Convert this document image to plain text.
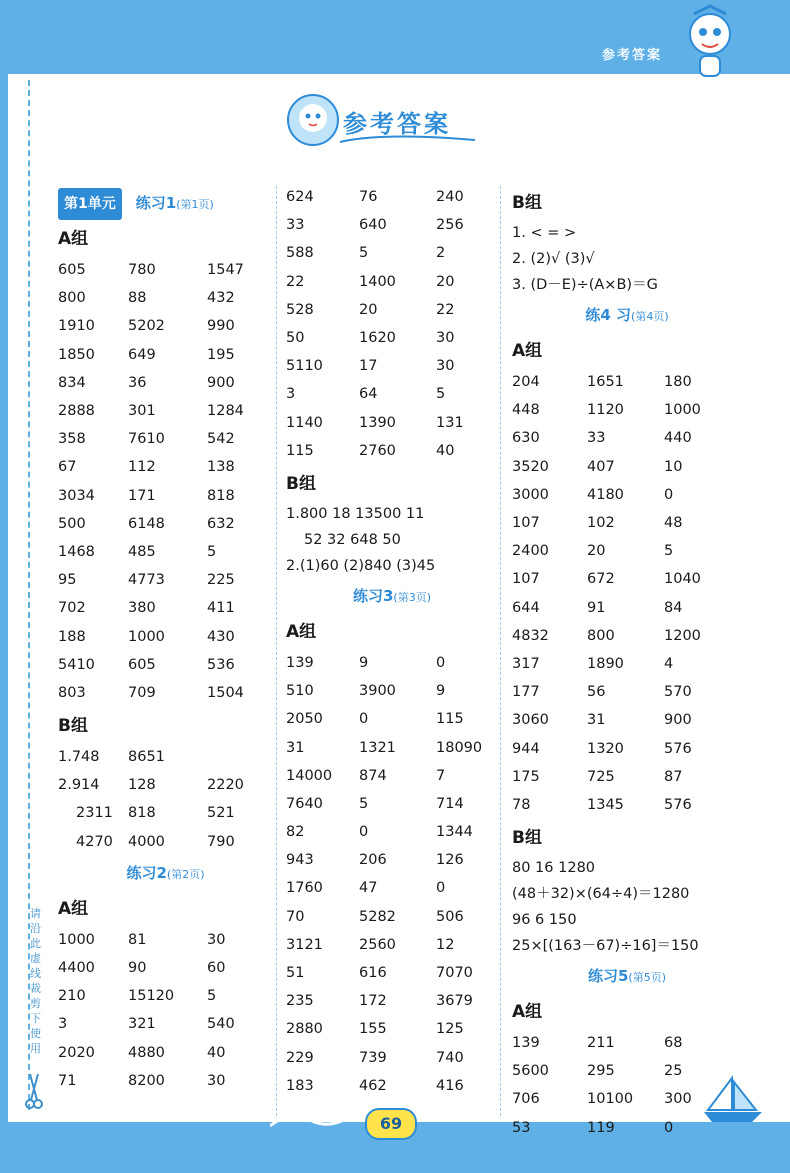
参考答案
请沿此虚线裁剪下使用
参考答案
第1单元 练习1(第1页)
A组
605	780	1547
800	88	432
1910	5202	990
1850	649	195
834	36	900
2888	301	1284
358	7610	542
67	112	138
3034	171	818
500	6148	632
1468	485	5
95	4773	225
702	380	411
188	1000	430
5410	605	536
803	709	1504
B组
1.748	8651
2.914	128	2220
2311	818	521
4270	4000	790
练习2(第2页)
A组
1000	81	30
4400	90	60
210	15120	5
3	321	540
2020	4880	40
71	8200	30
624	76	240
33	640	256
588	5	2
22	1400	20
528	20	22
50	1620	30
5110	17	30
3	64	5
1140	1390	131
115	2760	40
B组
1.800 18 13500 11
52 32 648 50
2.(1)60 (2)840 (3)45
练习3(第3页)
A组
139	9	0
510	3900	9
2050	0	115
31	1321	18090
14000	874	7
7640	5	714
82	0	1344
943	206	126
1760	47	0
70	5282	506
3121	2560	12
51	616	7070
235	172	3679
2880	155	125
229	739	740
183	462	416
B组
1. < = >
2. (2)√ (3)√
3. (D－E)÷(A×B)＝G
练4 习(第4页)
A组
204	1651	180
448	1120	1000
630	33	440
3520	407	10
3000	4180	0
107	102	48
2400	20	5
107	672	1040
644	91	84
4832	800	1200
317	1890	4
177	56	570
3060	31	900
944	1320	576
175	725	87
78	1345	576
B组
80 16 1280
(48＋32)×(64÷4)＝1280
96 6 150
25×[(163－67)÷16]＝150
练习5(第5页)
A组
139	211	68
5600	295	25
706	10100	300
53	119	0
69
